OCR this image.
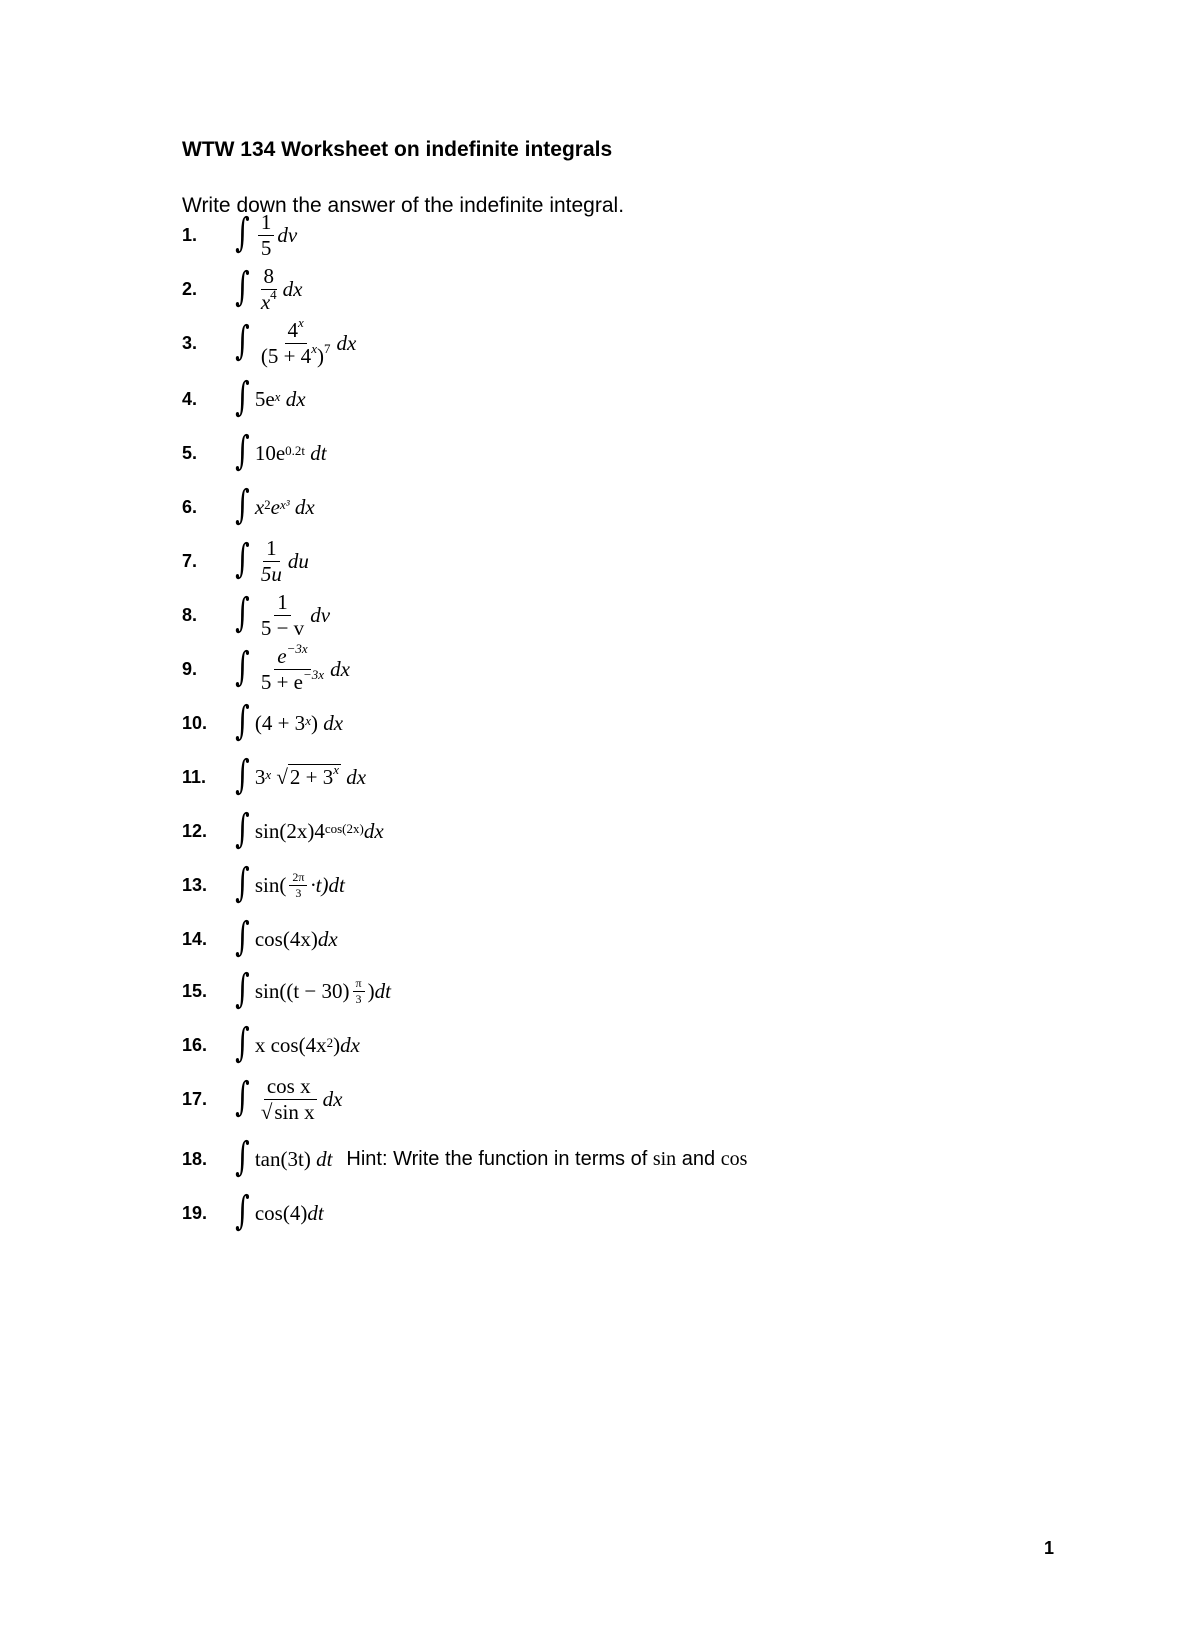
WTW 134 Worksheet on indefinite integrals
Write down the answer of the indefinite integral.
1. ∫ $\frac{1}{5}$ dv
2. ∫ $\frac{8}{x^4}$ dx
3. ∫ $\frac{4^x}{(5 + 4^x)^7}$ dx
4. ∫ $5e^x$
dx
5. ∫ $10e^{0.2t}$
dt
6. ∫ $x^2$ $e^{x^3}$
dx
7. ∫ $\frac{1}{5u}$ du
8. ∫ $\frac{1}{5 - v}$ dv
9. ∫ $\frac{e^{-3x}}{5 + e^{-3x}}$ dx
10. ∫ ($4 + 3^x$ )
dx
11. ∫ 3$^x$ √ $2 + 3^x$
dx
12. ∫ $\sin(2x)4^{cos(2x)}$ dx
13. ∫ $\sin( \frac{2\pi}{3} \cdot t)$ dt
14. ∫ cos(4x) dx
15. ∫ $\sin((t - 30) \frac{\pi}{3}$ ) dt
16. ∫ x $\cos(4x^2$ ) dx
17. ∫ $\frac{\text{cos x}}{\text{√sin x}}$ dx
18. ∫ tan(3t)
dt Hint: Write the function in terms of sin and cos
19. ∫ cos(4) dt
1
